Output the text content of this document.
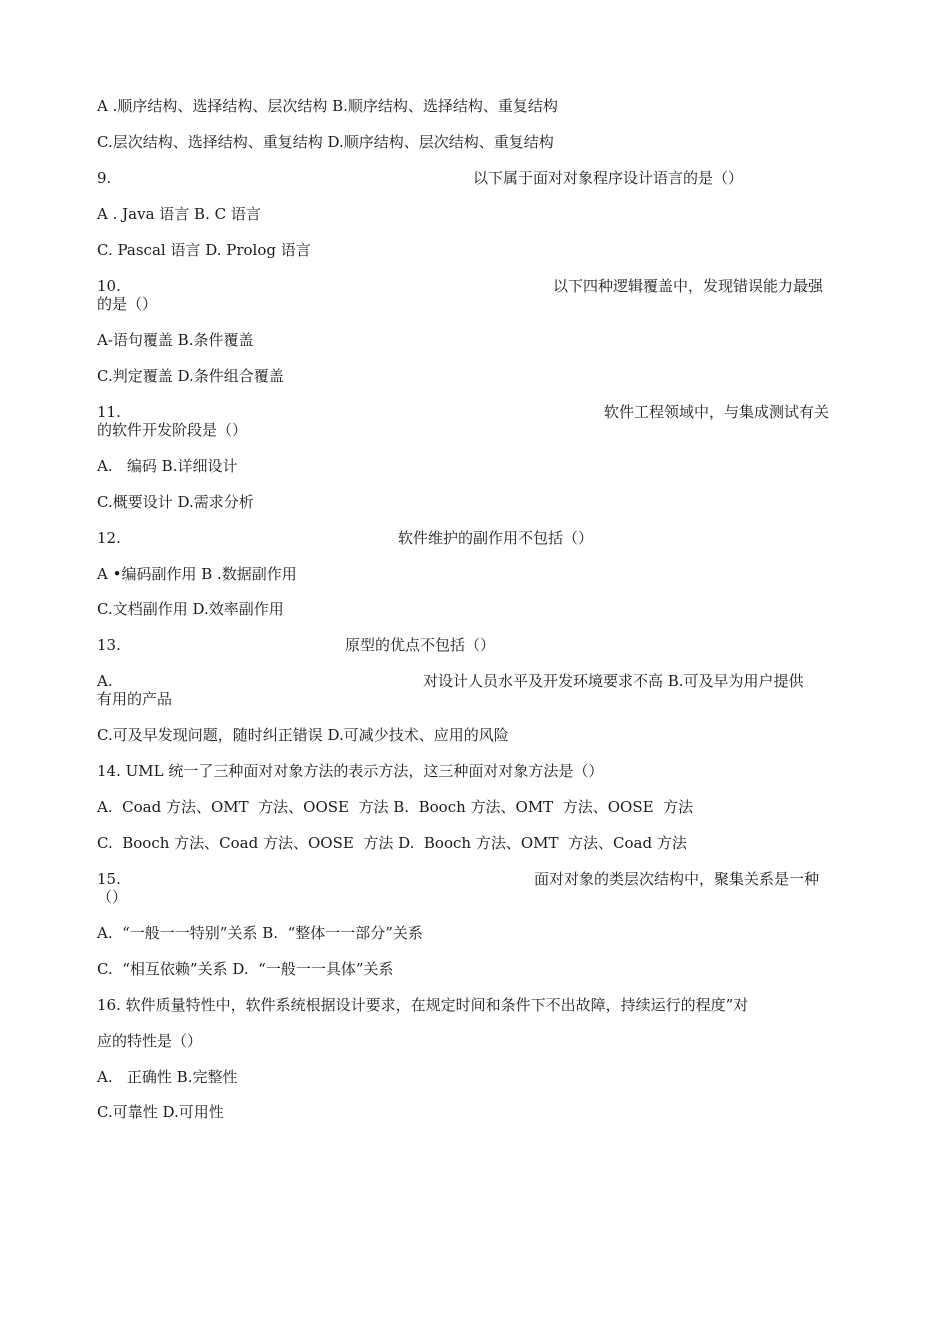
A .顺序结构、选择结构、层次结构 B.顺序结构、选择结构、重复结构
C.层次结构、选择结构、重复结构 D.顺序结构、层次结构、重复结构
9.	以下属于面对对象程序设计语言的是（）
A . Java 语言 B. C 语言
C. Pascal 语言 D. Prolog 语言
10.	以下四种逻辑覆盖中，发现错误能力最强
的是（）
A-语句覆盖 B.条件覆盖
C.判定覆盖 D.条件组合覆盖
11.	软件工程领域中，与集成测试有关
的软件开发阶段是（）
A.   编码 B.详细设计
C.概要设计 D.需求分析
12.	软件维护的副作用不包括（）
A •编码副作用 B .数据副作用
C.文档副作用 D.效率副作用
13.	原型的优点不包括（）
A.	对设计人员水平及开发环境要求不高 B.可及早为用户提供
有用的产品
C.可及早发现问题，随时纠正错误 D.可减少技术、应用的风险
14. UML 统一了三种面对对象方法的表示方法，这三种面对对象方法是（）
A.  Coad 方法、OMT  方法、OOSE  方法 B.  Booch 方法、OMT  方法、OOSE  方法
C.  Booch 方法、Coad 方法、OOSE  方法 D.  Booch 方法、OMT  方法、Coad 方法
15.	面对对象的类层次结构中，聚集关系是一种
（）
A.  “一般一一特别”关系 B.  “整体一一部分”关系
C.  “相互依赖”关系 D.  “一般一一具体”关系
16. 软件质量特性中，软件系统根据设计要求，在规定时间和条件下不出故障，持续运行的程度”对
应的特性是（）
A.   正确性 B.完整性
C.可靠性 D.可用性
